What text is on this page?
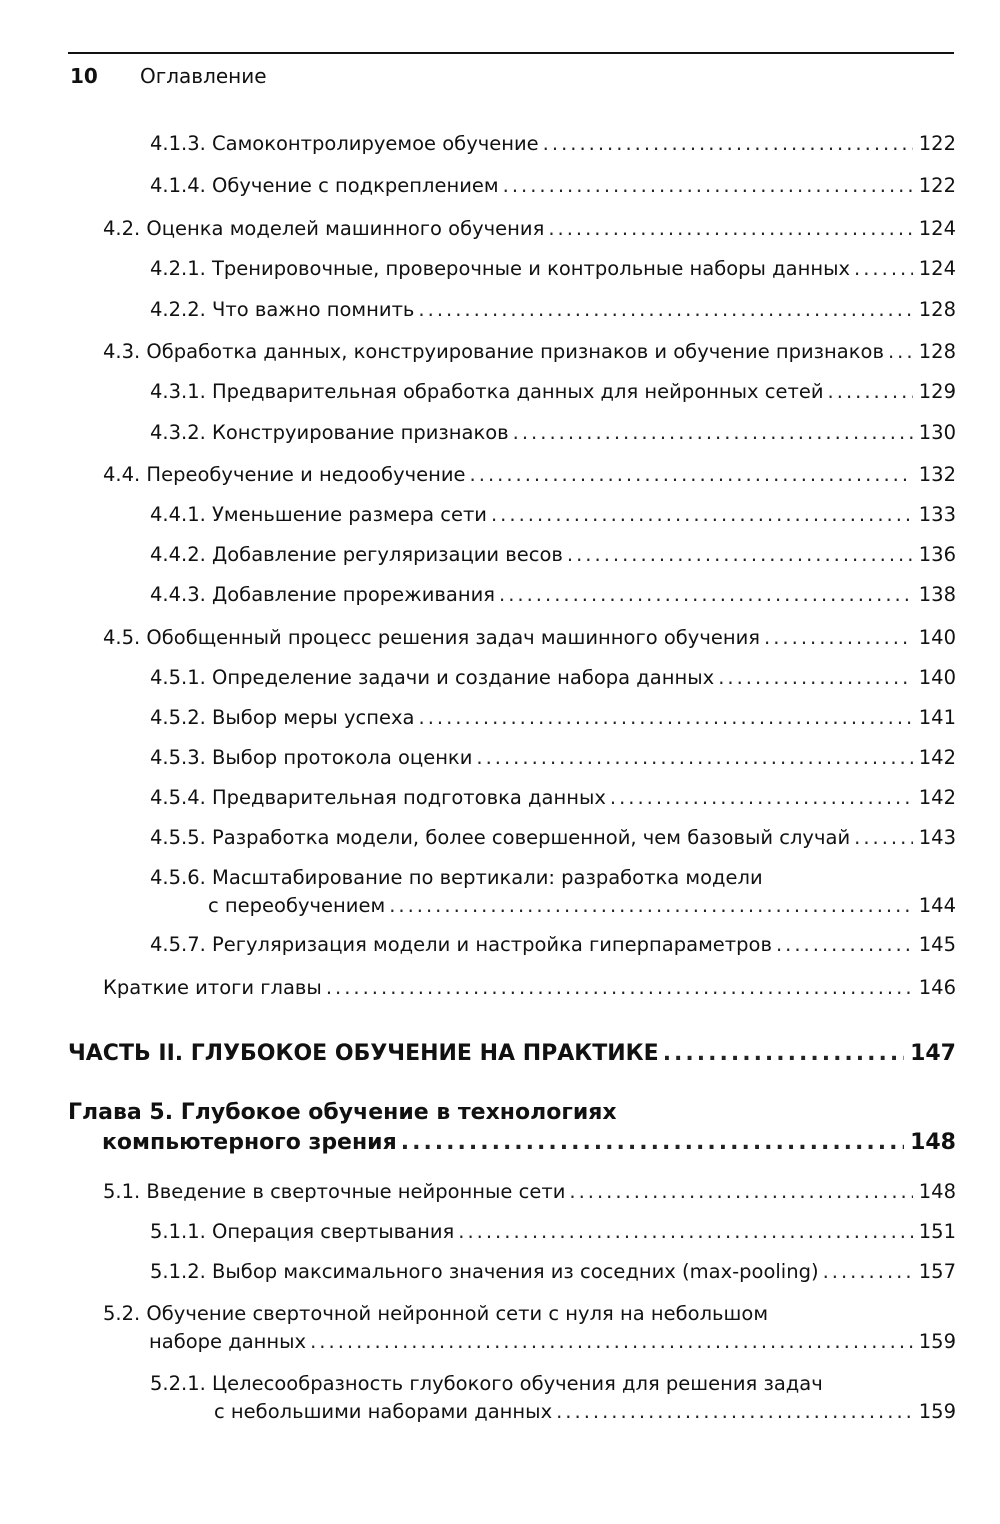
10 Оглавление
4.1.3. Самоконтролируемое обучение .....	122
4.1.4. Обучение с подкреплением .....	122
4.2. Оценка моделей машинного обучения .....	124
4.2.1. Тренировочные, проверочные и контрольные наборы данных .....	124
4.2.2. Что важно помнить .....	128
4.3. Обработка данных, конструирование признаков и обучение признаков ..... 128
4.3.1. Предварительная обработка данных для нейронных сетей .....	129
4.3.2. Конструирование признаков .....	130
4.4. Переобучение и недообучение .....	132
4.4.1. Уменьшение размера сети .....	133
4.4.2. Добавление регуляризации весов .....	136
4.4.3. Добавление прореживания .....	138
4.5. Обобщенный процесс решения задач машинного обучения .....	140
4.5.1. Определение задачи и создание набора данных .....	140
4.5.2. Выбор меры успеха .....	141
4.5.3. Выбор протокола оценки .....	142
4.5.4. Предварительная подготовка данных .....	142
4.5.5. Разработка модели, более совершенной, чем базовый случай .....	143
4.5.6. Масштабирование по вертикали: разработка модели
с переобучением .....	144
4.5.7. Регуляризация модели и настройка гиперпараметров .....	145
Краткие итоги главы .....	146
ЧАСТЬ II. ГЛУБОКОЕ ОБУЧЕНИЕ НА ПРАКТИКЕ .....	147
Глава 5. Глубокое обучение в технологиях
компьютерного зрения .....	148
5.1. Введение в сверточные нейронные сети .....	148
5.1.1. Операция свертывания .....	151
5.1.2. Выбор максимального значения из соседних (max-pooling) .....	157
5.2. Обучение сверточной нейронной сети с нуля на небольшом
наборе данных .....	159
5.2.1. Целесообразность глубокого обучения для решения задач
с небольшими наборами данных .....	159
